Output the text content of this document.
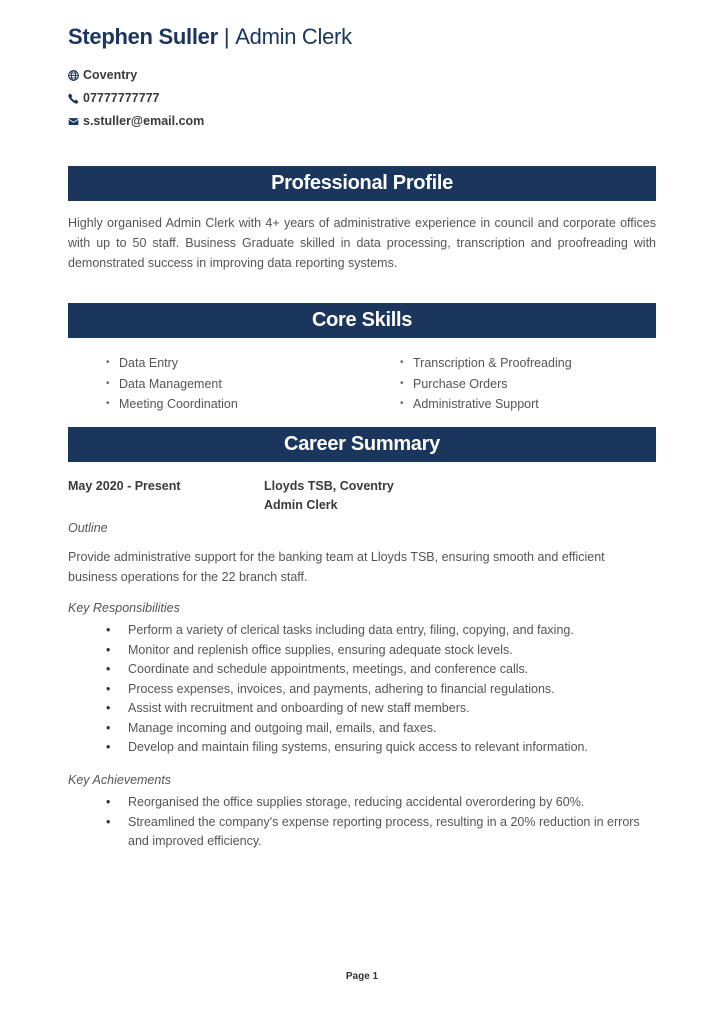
Stephen Suller | Admin Clerk
Coventry
07777777777
s.stuller@email.com
Professional Profile
Highly organised Admin Clerk with 4+ years of administrative experience in council and corporate offices with up to 50 staff. Business Graduate skilled in data processing, transcription and proofreading with demonstrated success in improving data reporting systems.
Core Skills
• Data Entry
• Data Management
• Meeting Coordination
• Transcription & Proofreading
• Purchase Orders
• Administrative Support
Career Summary
May 2020 - Present	Lloyds TSB, Coventry
Admin Clerk
Outline
Provide administrative support for the banking team at Lloyds TSB, ensuring smooth and efficient business operations for the 22 branch staff.
Key Responsibilities
• Perform a variety of clerical tasks including data entry, filing, copying, and faxing.
• Monitor and replenish office supplies, ensuring adequate stock levels.
• Coordinate and schedule appointments, meetings, and conference calls.
• Process expenses, invoices, and payments, adhering to financial regulations.
• Assist with recruitment and onboarding of new staff members.
• Manage incoming and outgoing mail, emails, and faxes.
• Develop and maintain filing systems, ensuring quick access to relevant information.
Key Achievements
• Reorganised the office supplies storage, reducing accidental overordering by 60%.
• Streamlined the company's expense reporting process, resulting in a 20% reduction in errors and improved efficiency.
Page 1
